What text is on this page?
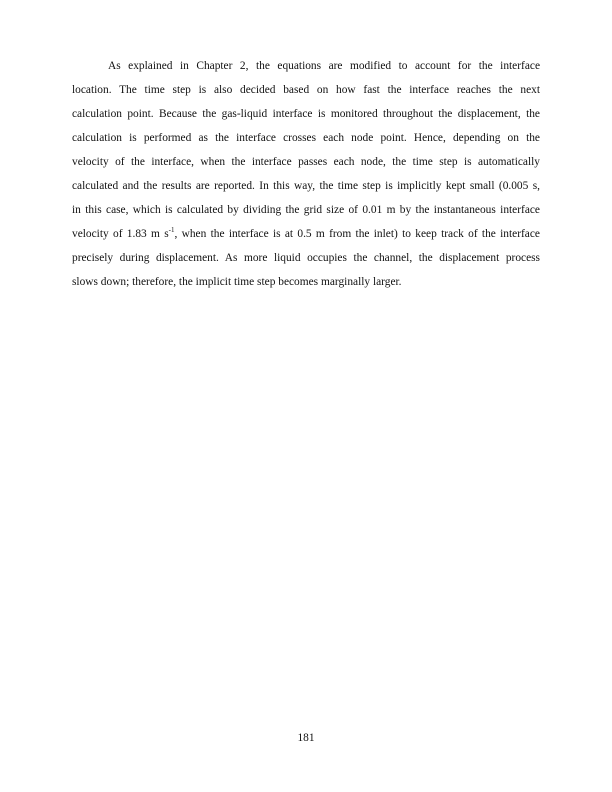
As explained in Chapter 2, the equations are modified to account for the interface
location. The time step is also decided based on how fast the interface reaches the next
calculation point. Because the gas-liquid interface is monitored throughout the displacement, the
calculation is performed as the interface crosses each node point. Hence, depending on the
velocity of the interface, when the interface passes each node, the time step is automatically
calculated and the results are reported. In this way, the time step is implicitly kept small (0.005 s,
in this case, which is calculated by dividing the grid size of 0.01 m by the instantaneous interface
velocity of 1.83 m $s^{-1}$, when the interface is at 0.5 m from the inlet) to keep track of the interface
precisely during displacement. As more liquid occupies the channel, the displacement process
slows down; therefore, the implicit time step becomes marginally larger.
181
